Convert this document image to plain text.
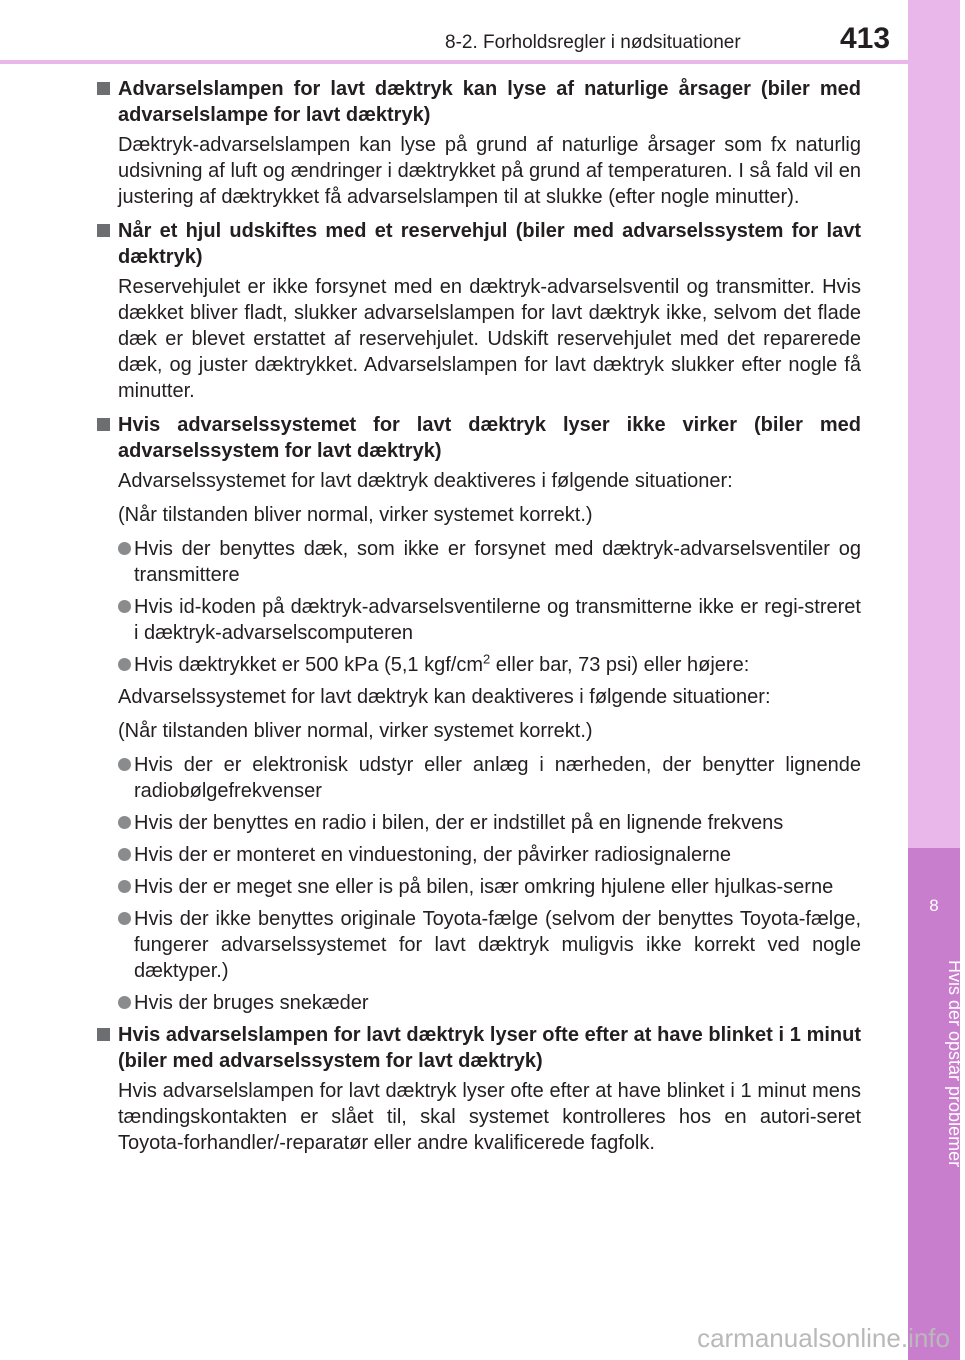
8-2. Forholdsregler i nødsituationer	413
8
Hvis der opstår problemer
Advarselslampen for lavt dæktryk kan lyse af naturlige årsager (biler med advarselslampe for lavt dæktryk)
Dæktryk-advarselslampen kan lyse på grund af naturlige årsager som fx naturlig udsivning af luft og ændringer i dæktrykket på grund af temperaturen. I så fald vil en justering af dæktrykket få advarselslampen til at slukke (efter nogle minutter).
Når et hjul udskiftes med et reservehjul (biler med advarselssystem for lavt dæktryk)
Reservehjulet er ikke forsynet med en dæktryk-advarselsventil og transmitter. Hvis dækket bliver fladt, slukker advarselslampen for lavt dæktryk ikke, selvom det flade dæk er blevet erstattet af reservehjulet. Udskift reservehjulet med det reparerede dæk, og juster dæktrykket. Advarselslampen for lavt dæktryk slukker efter nogle få minutter.
Hvis advarselssystemet for lavt dæktryk lyser ikke virker (biler med advarselssystem for lavt dæktryk)
Advarselssystemet for lavt dæktryk deaktiveres i følgende situationer:
(Når tilstanden bliver normal, virker systemet korrekt.)
Hvis der benyttes dæk, som ikke er forsynet med dæktryk-advarselsventiler og transmittere
Hvis id-koden på dæktryk-advarselsventilerne og transmitterne ikke er regi-streret i dæktryk-advarselscomputeren
Hvis dæktrykket er 500 kPa (5,1 kgf/$cm^2$ eller bar, 73 psi) eller højere:
Advarselssystemet for lavt dæktryk kan deaktiveres i følgende situationer:
(Når tilstanden bliver normal, virker systemet korrekt.)
Hvis der er elektronisk udstyr eller anlæg i nærheden, der benytter lignende radiobølgefrekvenser
Hvis der benyttes en radio i bilen, der er indstillet på en lignende frekvens
Hvis der er monteret en vinduestoning, der påvirker radiosignalerne
Hvis der er meget sne eller is på bilen, især omkring hjulene eller hjulkas-serne
Hvis der ikke benyttes originale Toyota-fælge (selvom der benyttes Toyota-fælge, fungerer advarselssystemet for lavt dæktryk muligvis ikke korrekt ved nogle dæktyper.)
Hvis der bruges snekæder
Hvis advarselslampen for lavt dæktryk lyser ofte efter at have blinket i 1 minut (biler med advarselssystem for lavt dæktryk)
Hvis advarselslampen for lavt dæktryk lyser ofte efter at have blinket i 1 minut mens tændingskontakten er slået til, skal systemet kontrolleres hos en autori-seret Toyota-forhandler/-reparatør eller andre kvalificerede fagfolk.
carmanualsonline.info
